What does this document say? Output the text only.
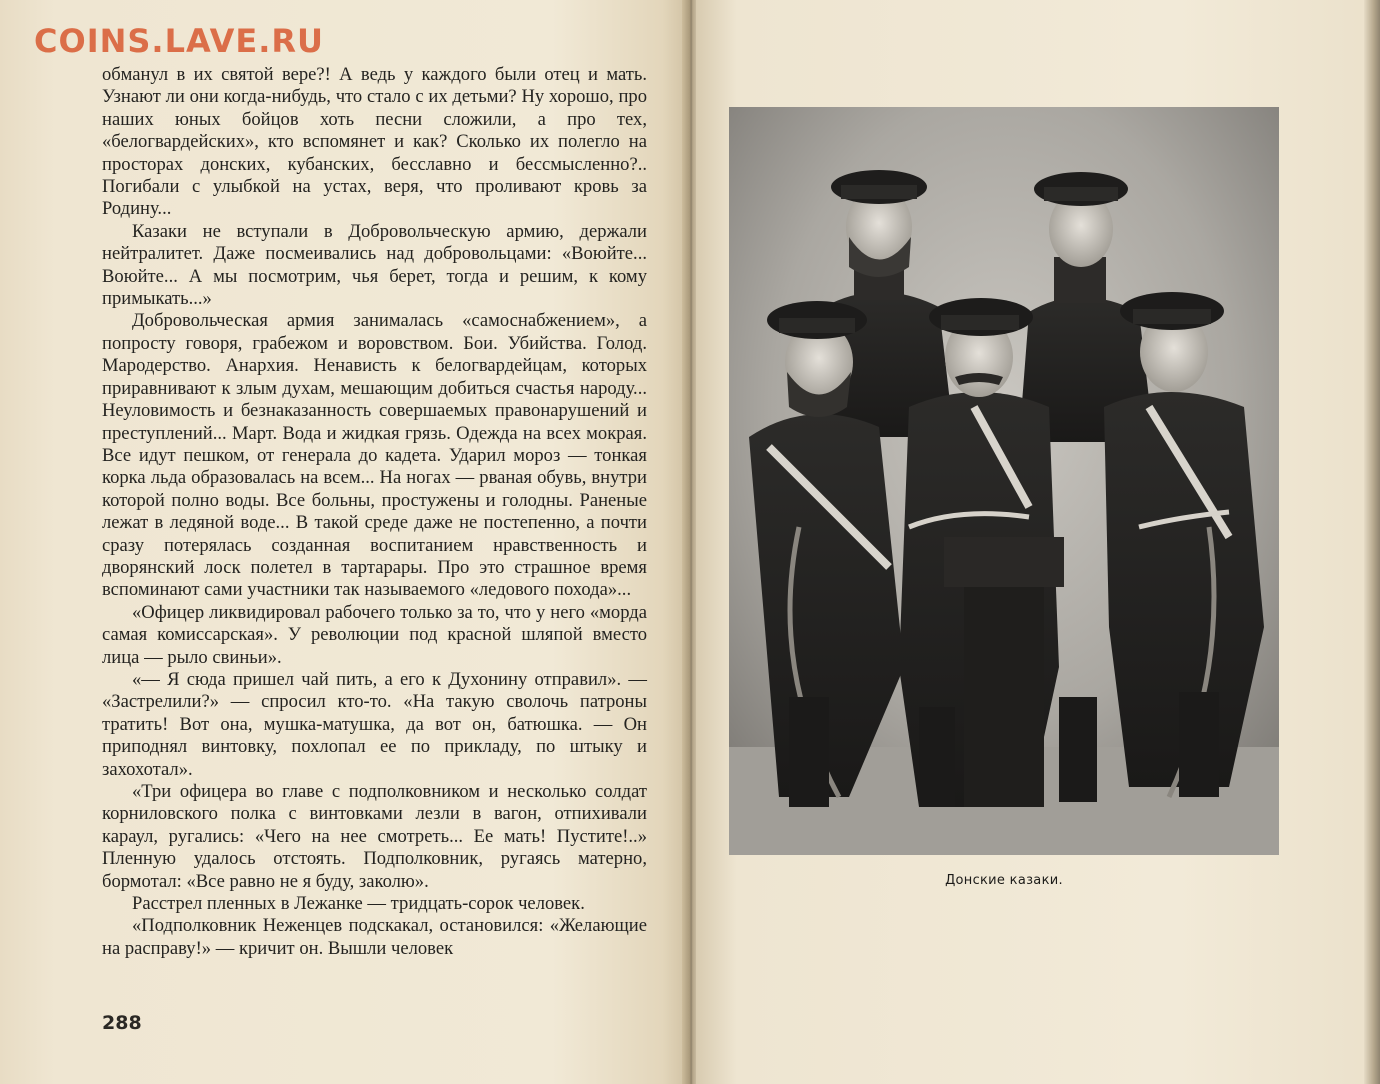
COINS.LAVE.RU

обманул в их святой вере?! А ведь у каждого были отец и мать. Узнают ли они когда-нибудь, что стало с их детьми? Ну хорошо, про наших юных бойцов хоть песни сложили, а про тех, «белогвардейских», кто вспомянет и как? Сколько их полегло на просторах донских, кубанских, бесславно и бессмысленно?.. Погибали с улыбкой на устах, веря, что проливают кровь за Родину...

Казаки не вступали в Добровольческую армию, держали нейтралитет. Даже посмеивались над добровольцами: «Воюйте... Воюйте... А мы посмотрим, чья берет, тогда и решим, к кому примыкать...»

Добровольческая армия занималась «самоснабжением», а попросту говоря, грабежом и воровством. Бои. Убийства. Голод. Мародерство. Анархия. Ненависть к белогвардейцам, которых приравнивают к злым духам, мешающим добиться счастья народу... Неуловимость и безнаказанность совершаемых правонарушений и преступлений... Март. Вода и жидкая грязь. Одежда на всех мокрая. Все идут пешком, от генерала до кадета. Ударил мороз — тонкая корка льда образовалась на всем... На ногах — рваная обувь, внутри которой полно воды. Все больны, простужены и голодны. Раненые лежат в ледяной воде... В такой среде даже не постепенно, а почти сразу потерялась созданная воспитанием нравственность и дворянский лоск полетел в тартарары. Про это страшное время вспоминают сами участники так называемого «ледового похода»...

«Офицер ликвидировал рабочего только за то, что у него «морда самая комиссарская». У революции под красной шляпой вместо лица — рыло свиньи».

«— Я сюда пришел чай пить, а его к Духонину отправил». — «Застрелили?» — спросил кто-то. «На такую сволочь патроны тратить! Вот она, мушка-матушка, да вот он, батюшка. — Он приподнял винтовку, похлопал ее по прикладу, по штыку и захохотал».

«Три офицера во главе с подполковником и несколько солдат корниловского полка с винтовками лезли в вагон, отпихивали караул, ругались: «Чего на нее смотреть... Ее мать! Пустите!..» Пленную удалось отстоять. Подполковник, ругаясь матерно, бормотал: «Все равно не я буду, заколю».

Расстрел пленных в Лежанке — тридцать-сорок человек.

«Подполковник Неженцев подскакал, остановился: «Желающие на расправу!» — кричит он. Вышли человек

288
Донские казаки.
